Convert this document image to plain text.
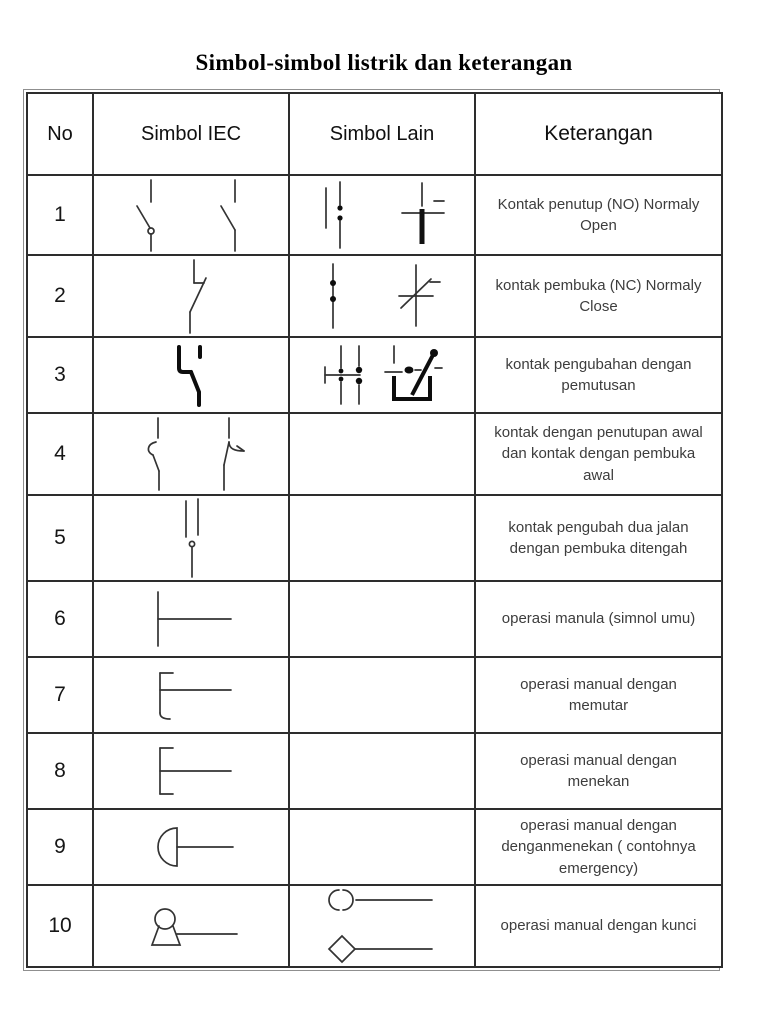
Simbol-simbol listrik dan keterangan
No	Simbol IEC	Simbol Lain	Keterangan
1			Kontak penutup (NO) Normaly Open
2			kontak pembuka (NC) Normaly Close
3			kontak pengubahan dengan pemutusan
4			kontak dengan penutupan awal dan kontak dengan pembuka awal
5			kontak pengubah dua jalan dengan pembuka ditengah
6			operasi manula (simnol umu)
7			operasi manual dengan memutar
8			operasi manual dengan menekan
9			operasi manual dengan denganmenekan ( contohnya emergency)
10			operasi manual dengan kunci
